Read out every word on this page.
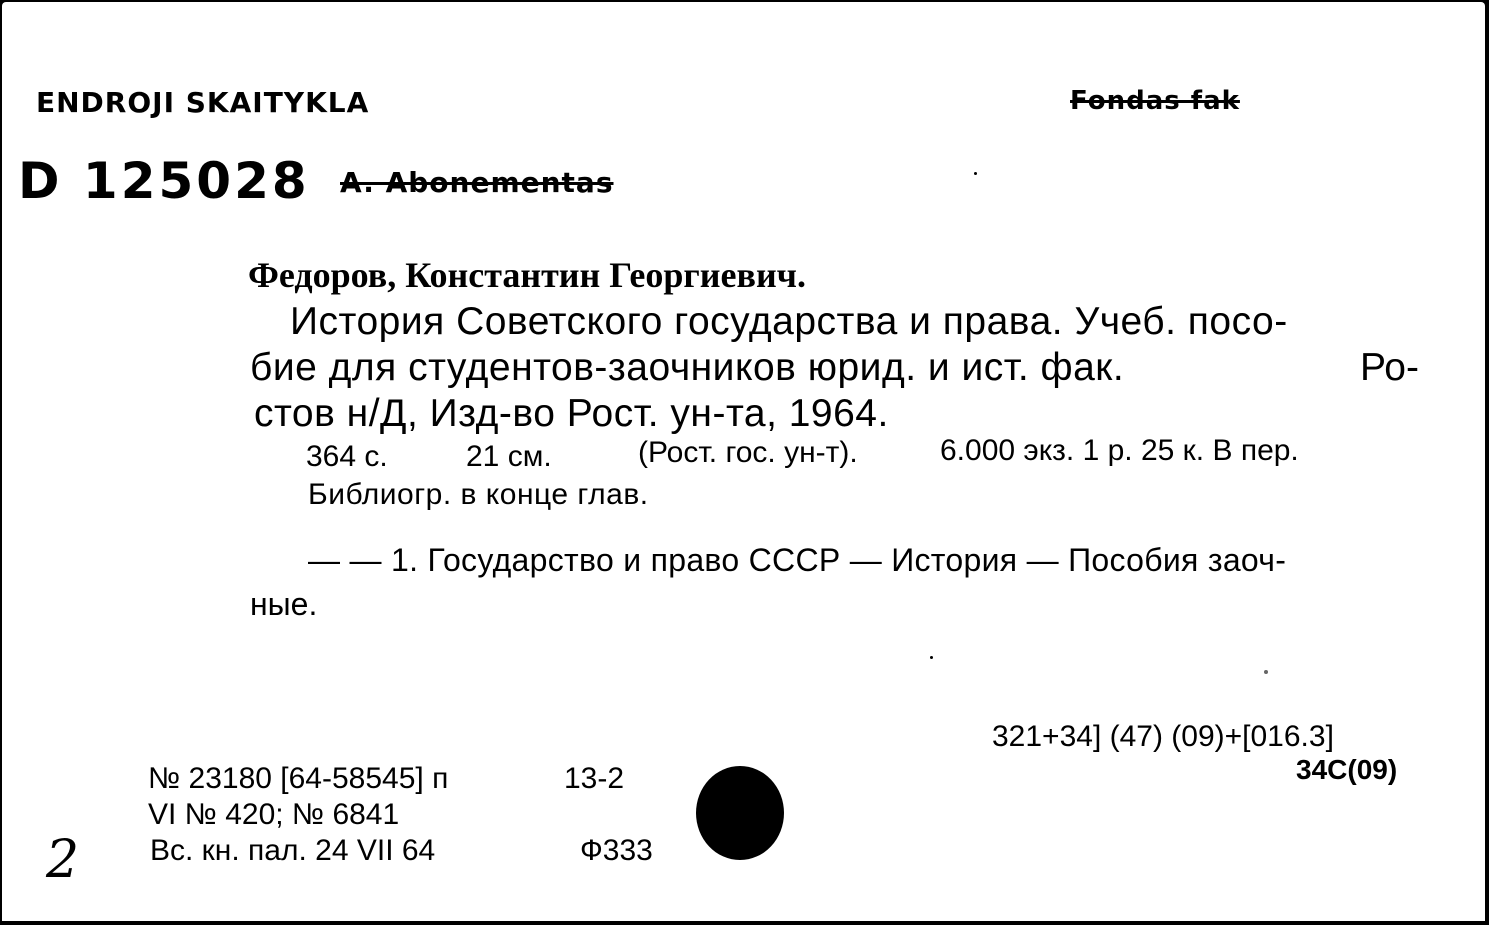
ENDROJI SKAITYKLA	Fondas fak
D 125028 A. Abonementas
Федоров, Константин Георгиевич.
История Советского государства и права. Учеб. посо-
бие для студентов-заочников юрид. и ист. фак.	Ро-
стов н/Д, Изд-во Рост. ун-та, 1964.
364 с.	21 см.	(Рост. гос. ун-т).	6.000 экз. 1 р. 25 к. В пер.
Библиогр. в конце глав.
— — 1. Государство и право СССР — История — Пособия заоч-
ные.
321+34] (47) (09)+[016.3]
34С(09)
№ 23180 [64-58545] п
VI № 420; № 6841
Вс. кн. пал. 24 VII 64
13-2
Ф333
2
